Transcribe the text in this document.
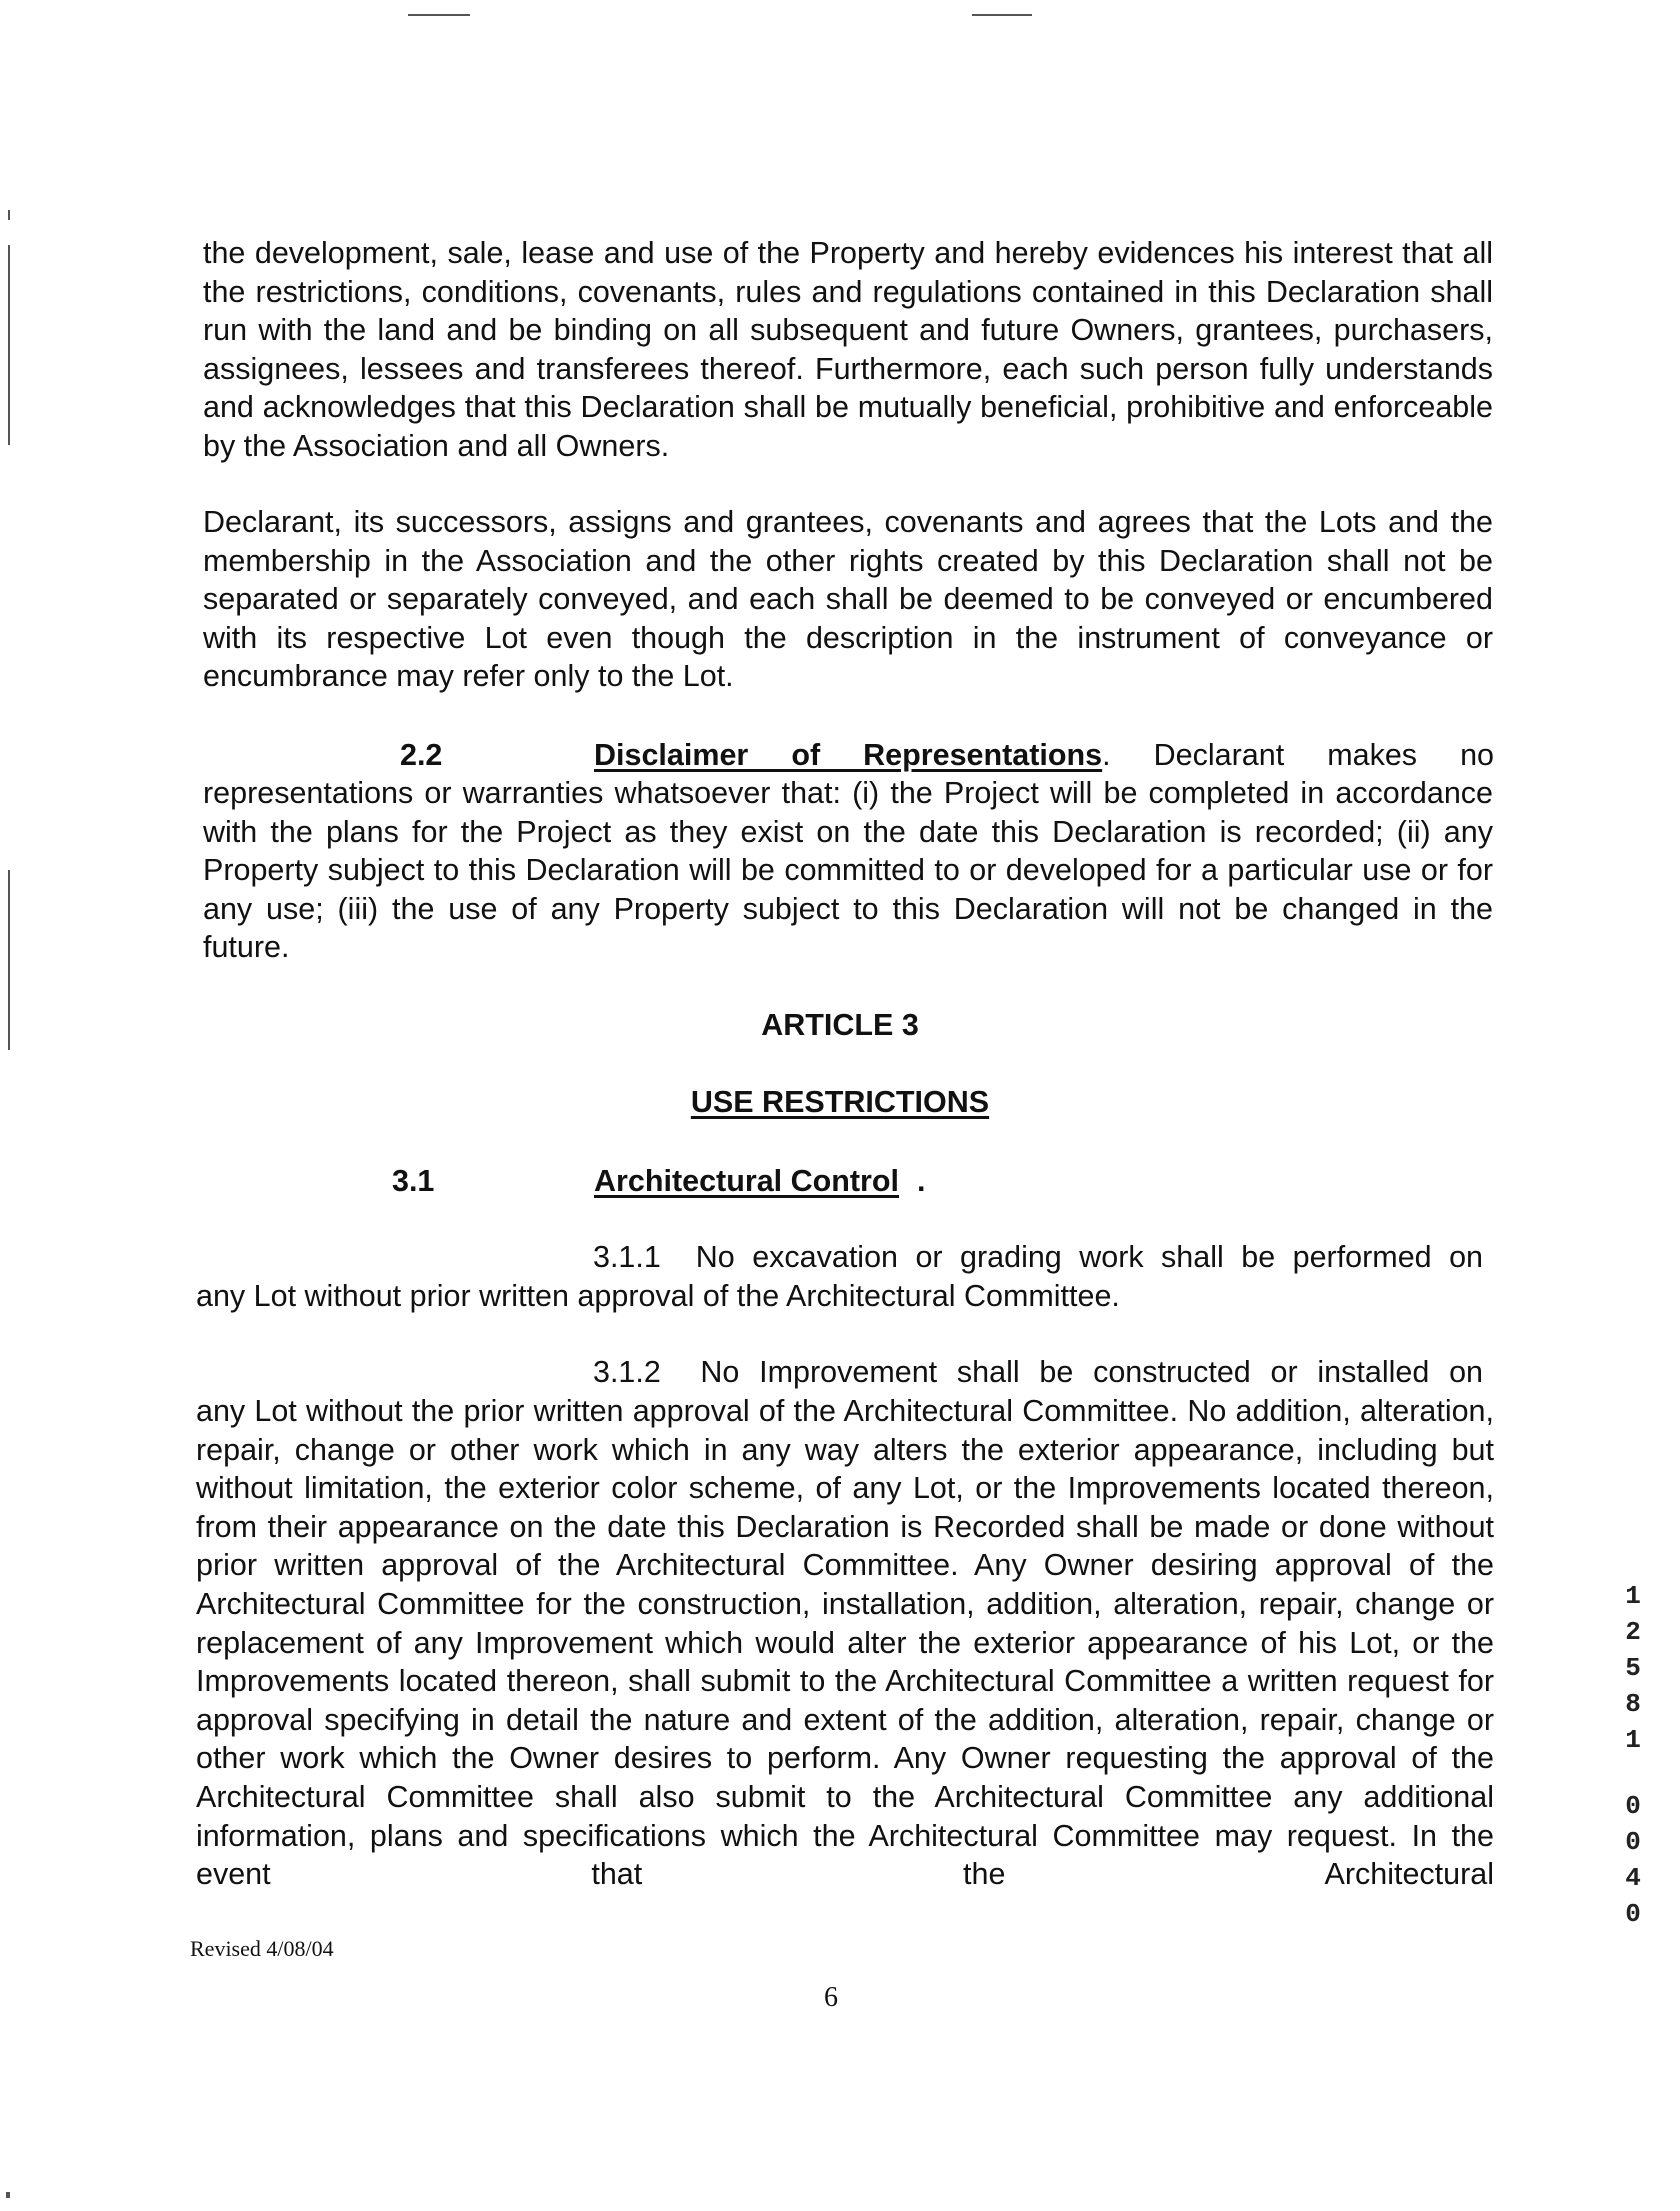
the development, sale, lease and use of the Property and hereby evidences his interest that all the restrictions, conditions, covenants, rules and regulations contained in this Declaration shall run with the land and be binding on all subsequent and future Owners, grantees, purchasers, assignees, lessees and transferees thereof. Furthermore, each such person fully understands and acknowledges that this Declaration shall be mutually beneficial, prohibitive and enforceable by the Association and all Owners.

Declarant, its successors, assigns and grantees, covenants and agrees that the Lots and the membership in the Association and the other rights created by this Declaration shall not be separated or separately conveyed, and each shall be deemed to be conveyed or encumbered with its respective Lot even though the description in the instrument of conveyance or encumbrance may refer only to the Lot.

2.2	Disclaimer of Representations. Declarant makes no

representations or warranties whatsoever that: (i) the Project will be completed in accordance with the plans for the Project as they exist on the date this Declaration is recorded; (ii) any Property subject to this Declaration will be committed to or developed for a particular use or for any use; (iii) the use of any Property subject to this Declaration will not be changed in the future.

ARTICLE 3
USE RESTRICTIONS
3.1	Architectural Control .
3.1.1 No excavation or grading work shall be performed on

any Lot without prior written approval of the Architectural Committee.

3.1.2 No Improvement shall be constructed or installed on

any Lot without the prior written approval of the Architectural Committee. No addition, alteration, repair, change or other work which in any way alters the exterior appearance, including but without limitation, the exterior color scheme, of any Lot, or the Improvements located thereon, from their appearance on the date this Declaration is Recorded shall be made or done without prior written approval of the Architectural Committee. Any Owner desiring approval of the Architectural Committee for the construction, installation, addition, alteration, repair, change or replacement of any Improvement which would alter the exterior appearance of his Lot, or the Improvements located thereon, shall submit to the Architectural Committee a written request for approval specifying in detail the nature and extent of the addition, alteration, repair, change or other work which the Owner desires to perform. Any Owner requesting the approval of the Architectural Committee shall also submit to the Architectural Committee any additional information, plans and specifications which the Architectural Committee may request. In the event that the Architectural

Revised 4/08/04
6
1
2
5
8
1
0
0
4
0
